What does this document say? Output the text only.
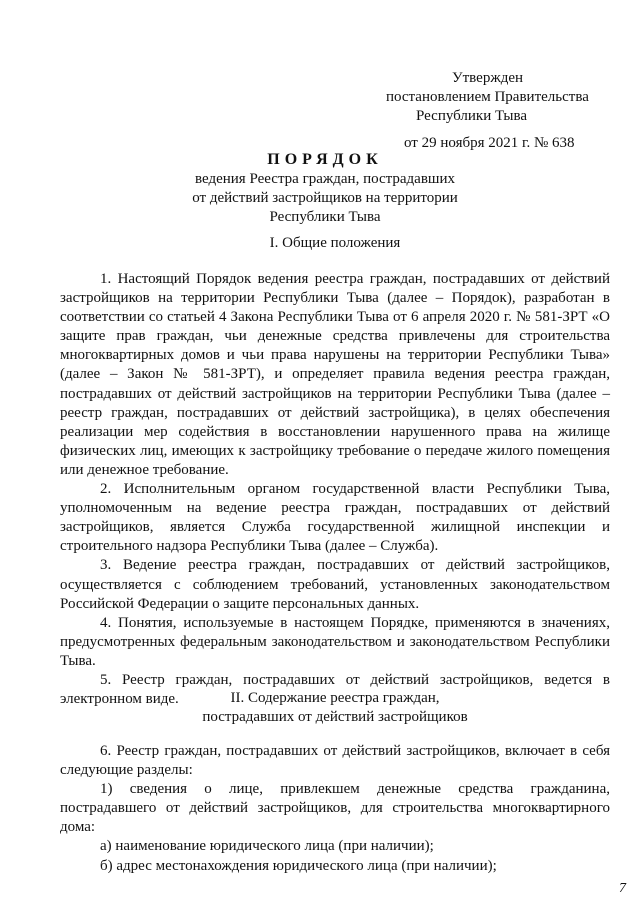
Утвержден
постановлением Правительства
Республики Тыва
от 29 ноября 2021 г. № 638
ПОРЯДОК
ведения Реестра граждан, пострадавших
от действий застройщиков на территории
Республики Тыва
I. Общие положения

1. Настоящий Порядок ведения реестра граждан, пострадавших от действий застройщиков на территории Республики Тыва (далее – Порядок), разработан в соответствии со статьей 4 Закона Республики Тыва от 6 апреля 2020 г. № 581-ЗРТ «О защите прав граждан, чьи денежные средства привлечены для строительства многоквартирных домов и чьи права нарушены на территории Республики Тыва» (далее – Закон № 581-ЗРТ), и определяет правила ведения реестра граждан, пострадавших от действий застройщиков на территории Республики Тыва (далее – реестр граждан, пострадавших от действий застройщика), в целях обеспечения реализации мер содействия в восстановлении нарушенного права на жилище физических лиц, имеющих к застройщику требование о передаче жилого помещения или денежное требование.

2. Исполнительным органом государственной власти Республики Тыва, уполномоченным на ведение реестра граждан, пострадавших от действий застройщиков, является Служба государственной жилищной инспекции и строительного надзора Республики Тыва (далее – Служба).

3. Ведение реестра граждан, пострадавших от действий застройщиков, осуществляется с соблюдением требований, установленных законодательством Российской Федерации о защите персональных данных.

4. Понятия, используемые в настоящем Порядке, применяются в значениях, предусмотренных федеральным законодательством и законодательством Республики Тыва.

5. Реестр граждан, пострадавших от действий застройщиков, ведется в электронном виде.	II. Содержание реестра граждан,
пострадавших от действий застройщиков

6. Реестр граждан, пострадавших от действий застройщиков, включает в себя следующие разделы:

1) сведения о лице, привлекшем денежные средства гражданина, пострадавшего от действий застройщиков, для строительства многоквартирного дома:

а) наименование юридического лица (при наличии);

б) адрес местонахождения юридического лица (при наличии);

7
